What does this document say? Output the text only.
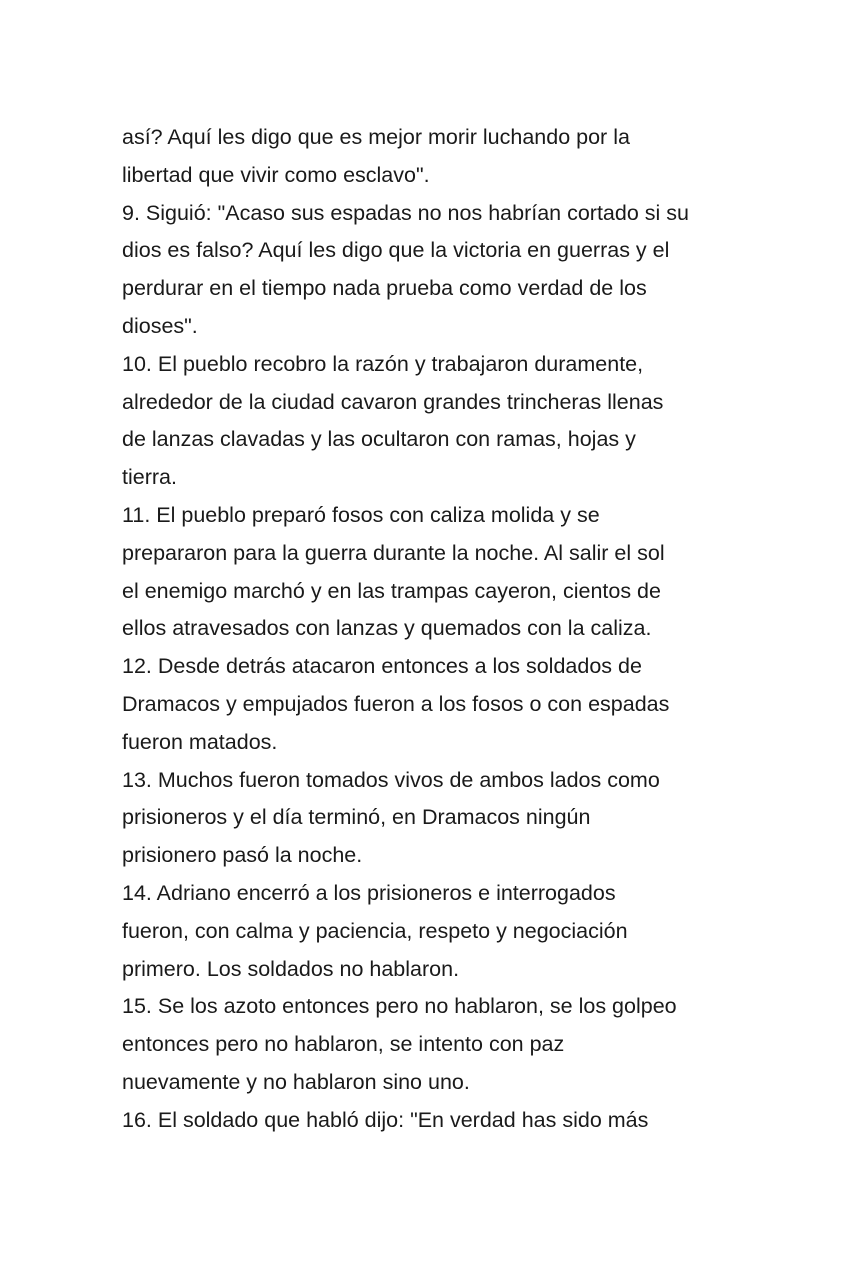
así? Aquí les digo que es mejor morir luchando por la
libertad que vivir como esclavo".
9. Siguió: "Acaso sus espadas no nos habrían cortado si su
dios es falso? Aquí les digo que la victoria en guerras y el
perdurar en el tiempo nada prueba como verdad de los
dioses".
10. El pueblo recobro la razón y trabajaron duramente,
alrededor de la ciudad cavaron grandes trincheras llenas
de lanzas clavadas y las ocultaron con ramas, hojas y
tierra.
11. El pueblo preparó fosos con caliza molida y se
prepararon para la guerra durante la noche. Al salir el sol
el enemigo marchó y en las trampas cayeron, cientos de
ellos atravesados con lanzas y quemados con la caliza.
12. Desde detrás atacaron entonces a los soldados de
Dramacos y empujados fueron a los fosos o con espadas
fueron matados.
13. Muchos fueron tomados vivos de ambos lados como
prisioneros y el día terminó, en Dramacos ningún
prisionero pasó la noche.
14. Adriano encerró a los prisioneros e interrogados
fueron, con calma y paciencia, respeto y negociación
primero. Los soldados no hablaron.
15. Se los azoto entonces pero no hablaron, se los golpeo
entonces pero no hablaron, se intento con paz
nuevamente y no hablaron sino uno.
16. El soldado que habló dijo: "En verdad has sido más
